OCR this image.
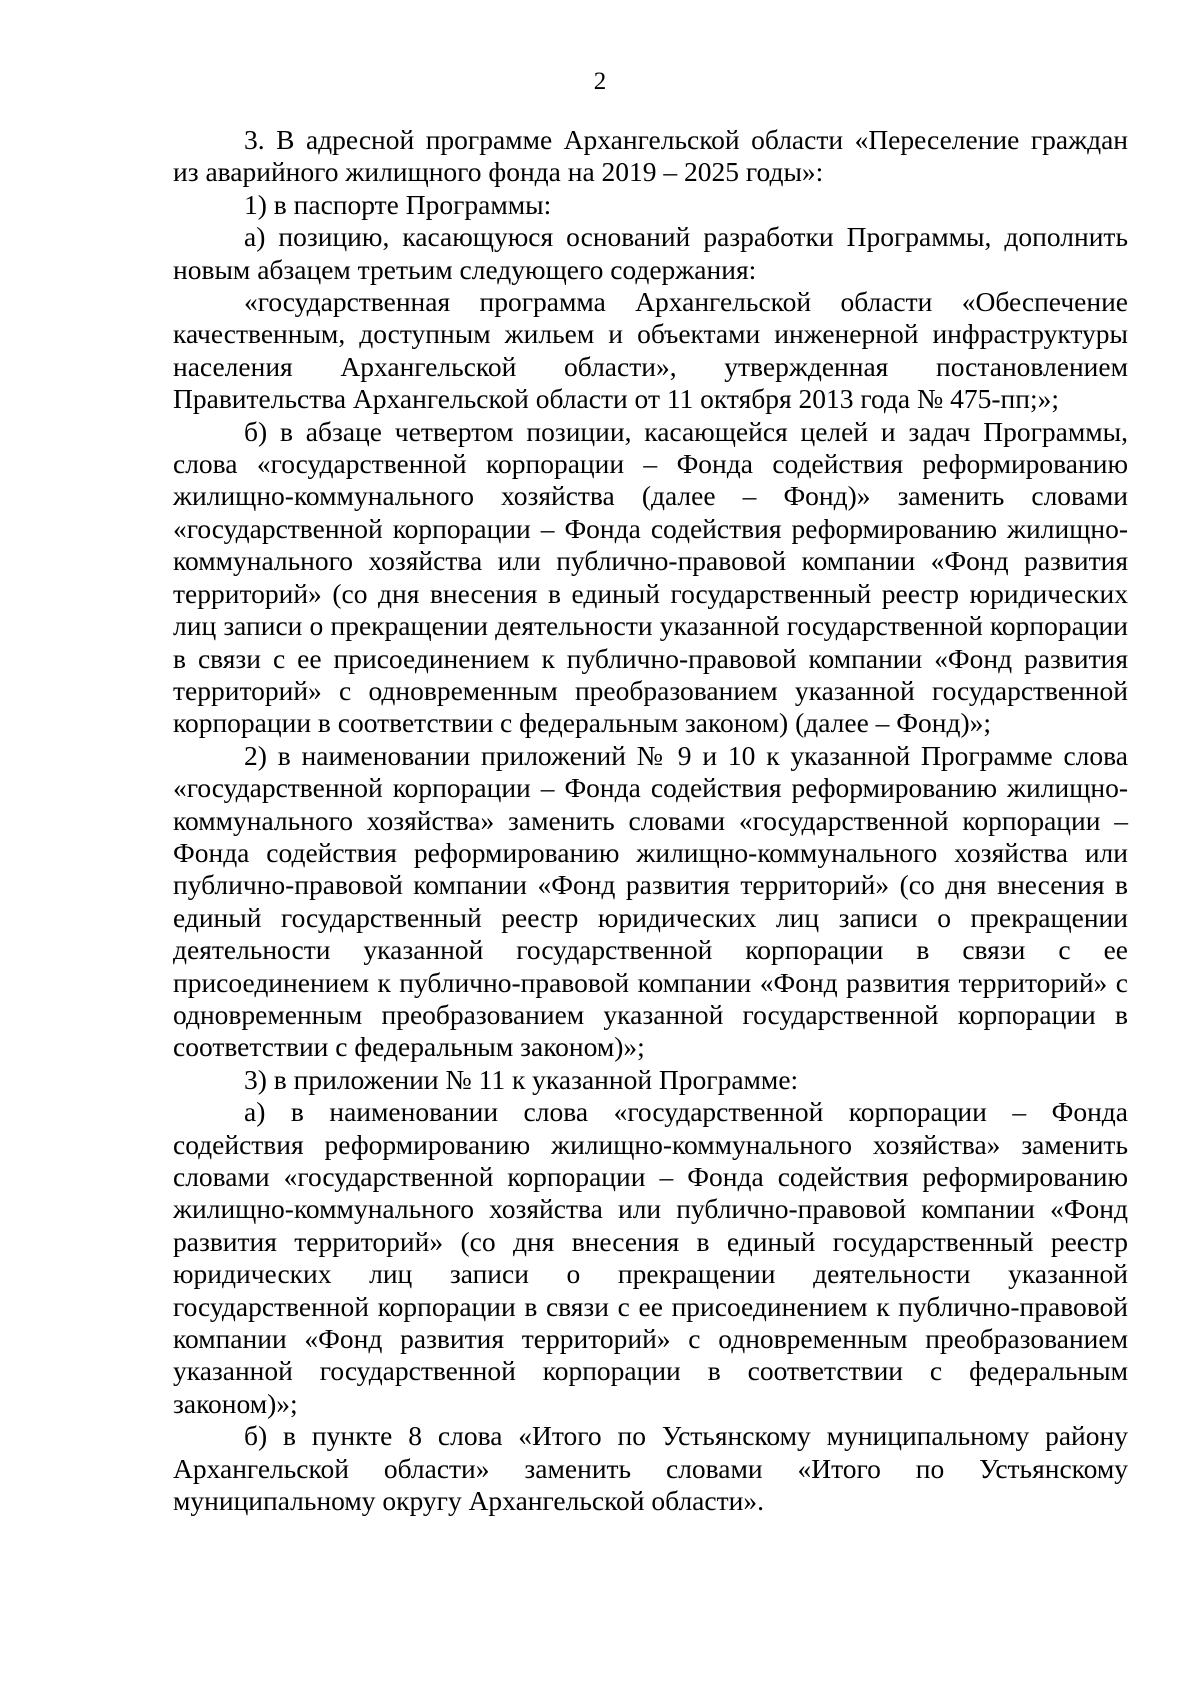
2

3. В адресной программе Архангельской области «Переселение граждан из аварийного жилищного фонда на 2019 – 2025 годы»:

1) в паспорте Программы:

а) позицию, касающуюся оснований разработки Программы, дополнить новым абзацем третьим следующего содержания:

«государственная программа Архангельской области «Обеспечение качественным, доступным жильем и объектами инженерной инфраструктуры населения Архангельской области», утвержденная постановлением Правительства Архангельской области от 11 октября 2013 года № 475-пп;»;

б) в абзаце четвертом позиции, касающейся целей и задач Программы, слова «государственной корпорации – Фонда содействия реформированию жилищно-коммунального хозяйства (далее – Фонд)» заменить словами «государственной корпорации – Фонда содействия реформированию жилищно-коммунального хозяйства или публично-правовой компании «Фонд развития территорий» (со дня внесения в единый государственный реестр юридических лиц записи о прекращении деятельности указанной государственной корпорации в связи с ее присоединением к публично-правовой компании «Фонд развития территорий» с одновременным преобразованием указанной государственной корпорации в соответствии с федеральным законом) (далее – Фонд)»;

2) в наименовании приложений № 9 и 10 к указанной Программе слова «государственной корпорации – Фонда содействия реформированию жилищно-коммунального хозяйства» заменить словами «государственной корпорации – Фонда содействия реформированию жилищно-коммунального хозяйства или публично-правовой компании «Фонд развития территорий» (со дня внесения в единый государственный реестр юридических лиц записи о прекращении деятельности указанной государственной корпорации в связи с ее присоединением к публично-правовой компании «Фонд развития территорий» с одновременным преобразованием указанной государственной корпорации в соответствии с федеральным законом)»;

3) в приложении № 11 к указанной Программе:

а) в наименовании слова «государственной корпорации – Фонда содействия реформированию жилищно-коммунального хозяйства» заменить словами «государственной корпорации – Фонда содействия реформированию жилищно-коммунального хозяйства или публично-правовой компании «Фонд развития территорий» (со дня внесения в единый государственный реестр юридических лиц записи о прекращении деятельности указанной государственной корпорации в связи с ее присоединением к публично-правовой компании «Фонд развития территорий» с одновременным преобразованием указанной государственной корпорации в соответствии с федеральным законом)»;

б) в пункте 8 слова «Итого по Устьянскому муниципальному району Архангельской области» заменить словами «Итого по Устьянскому муниципальному округу Архангельской области».
